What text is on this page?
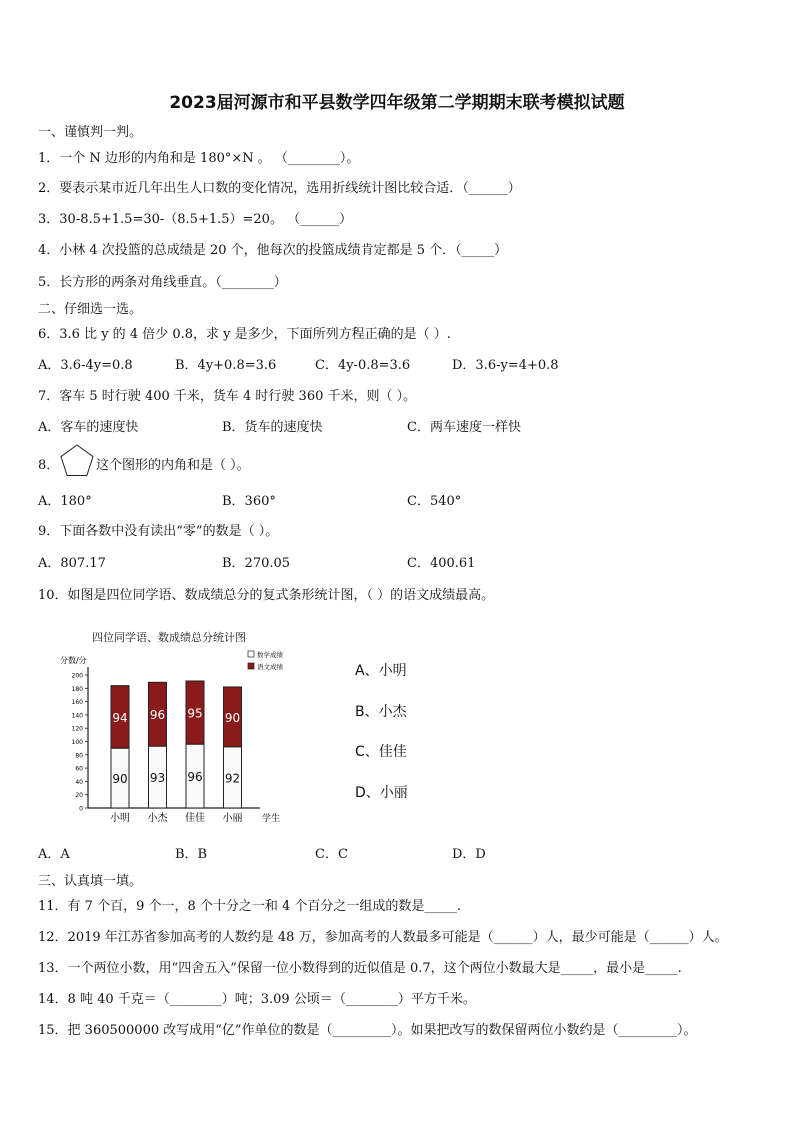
2023届河源市和平县数学四年级第二学期期末联考模拟试题
一、谨慎判一判。
1．一个 N 边形的内角和是 180°×N 。 （________）。
2．要表示某市近几年出生人口数的变化情况，选用折线统计图比较合适．（______）
3．30-8.5+1.5=30-（8.5+1.5）=20。 （______）
4．小林 4 次投篮的总成绩是 20 个，他每次的投篮成绩肯定都是 5 个．（_____）
5．长方形的两条对角线垂直。（________）
二、仔细选一选。
6．3.6 比 y 的 4 倍少 0.8，求 y 是多少，下面所列方程正确的是（ ）.
A．3.6-4y=0.8	B．4y+0.8=3.6	C．4y-0.8=3.6	D．3.6-y=4+0.8
7．客车 5 时行驶 400 千米，货车 4 时行驶 360 千米，则（ ）。
A．客车的速度快	B．货车的速度快	C．两车速度一样快
8．	这个图形的内角和是（ ）。
A．180°	B．360°	C．540°
9．下面各数中没有读出“零”的数是（ ）。
A．807.17	B．270.05	C．400.61
10．如图是四位同学语、数成绩总分的复式条形统计图，（ ）的语文成绩最高。
四位同学语、数成绩总分统计图
分数/分
0
20
40
60
80
100
120
140
160
180
200
数学成绩
语文成绩
90
94
小明
93
96
小杰
96
95
佳佳
92
90
小丽 学生
A、小明
B、小杰
C、佳佳
D、小丽
A．A	B．B	C．C	D．D
三、认真填一填。
11．有 7 个百，9 个一，8 个十分之一和 4 个百分之一组成的数是_____.
12．2019 年江苏省参加高考的人数约是 48 万，参加高考的人数最多可能是（______）人，最少可能是（______）人。
13．一个两位小数，用“四舍五入”保留一位小数得到的近似值是 0.7，这个两位小数最大是_____，最小是_____.
14．8 吨 40 千克＝（________）吨；3.09 公顷＝（________）平方千米。
15．把 360500000 改写成用“亿”作单位的数是（_________）。如果把改写的数保留两位小数约是（_________）。
